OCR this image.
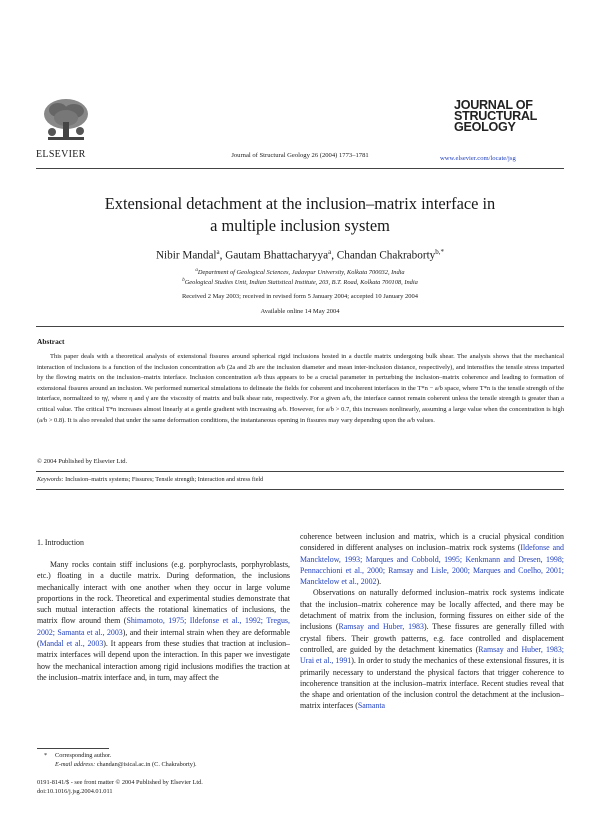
ELSEVIER	Journal of Structural Geology 26 (2004) 1773–1781
JOURNAL OF
STRUCTURAL
GEOLOGY
www.elsevier.com/locate/jsg
Extensional detachment at the inclusion–matrix interface in
a multiple inclusion system
Nibir Mandal$^a$, Gautam Bhattacharyya$^a$, Chandan Chakraborty$^{b,*}$
$^a$Department of Geological Sciences, Jadavpur University, Kolkata 700032, India
$^b$Geological Studies Unit, Indian Statistical Institute, 203, B.T. Road, Kolkata 700108, India
Received 2 May 2003; received in revised form 5 January 2004; accepted 10 January 2004
Available online 14 May 2004
Abstract

This paper deals with a theoretical analysis of extensional fissures around spherical rigid inclusions hosted in a ductile matrix undergoing bulk shear. The analysis shows that the mechanical interaction of inclusions is a function of the inclusion concentration a/b (2a and 2b are the inclusion diameter and mean inter-inclusion distance, respectively), and intensifies the tensile stress imparted by the flowing matrix on the inclusion–matrix interface. Inclusion concentration a/b thus appears to be a crucial parameter in perturbing the inclusion–matrix coherence and leading to formation of extensional fissures around an inclusion. We performed numerical simulations to delineate the fields for coherent and incoherent interfaces in the T*n − a/b space, where T*n is the tensile strength of the interface, normalized to ηγ̇, where η and γ̇ are the viscosity of matrix and bulk shear rate, respectively. For a given a/b, the interface cannot remain coherent unless the tensile strength is greater than a critical value. The critical T*n increases almost linearly at a gentle gradient with increasing a/b. However, for a/b > 0.7, this increases nonlinearly, assuming a large value when the concentration is high (a/b > 0.8). It is also revealed that under the same deformation conditions, the instantaneous opening in fissures may vary depending upon the a/b values.

© 2004 Published by Elsevier Ltd.
Keywords: Inclusion–matrix systems; Fissures; Tensile strength; Interaction and stress field
1. Introduction

Many rocks contain stiff inclusions (e.g. porphyroclasts, porphyroblasts, etc.) floating in a ductile matrix. During deformation, the inclusions mechanically interact with one another when they occur in large volume proportions in the rock. Theoretical and experimental studies demonstrate that such mutual interaction affects the rotational kinematics of inclusions, the matrix flow around them (Shimamoto, 1975; Ildefonse et al., 1992; Tregus, 2002; Samanta et al., 2003), and their internal strain when they are deformable (Mandal et al., 2003). It appears from these studies that traction at inclusion–matrix interfaces will depend upon the interaction. In this paper we investigate how the mechanical interaction among rigid inclusions modifies the traction at the inclusion–matrix interface and, in turn, may affect the

coherence between inclusion and matrix, which is a crucial physical condition considered in different analyses on inclusion–matrix rock systems (Ildefonse and Mancktelow, 1993; Marques and Cobbold, 1995; Kenkmann and Dresen, 1998; Pennacchioni et al., 2000; Ramsay and Lisle, 2000; Marques and Coelho, 2001; Mancktelow et al., 2002).

Observations on naturally deformed inclusion–matrix rock systems indicate that the inclusion–matrix coherence may be locally affected, and there may be detachment of matrix from the inclusion, forming fissures on either side of the inclusions (Ramsay and Huber, 1983). These fissures are generally filled with crystal fibers. Their growth patterns, e.g. face controlled and displacement controlled, are guided by the detachment kinematics (Ramsay and Huber, 1983; Urai et al., 1991). In order to study the mechanics of these extensional fissures, it is primarily necessary to understand the physical factors that trigger coherence to incoherence transition at the inclusion–matrix interface. Recent studies reveal that the shape and orientation of the inclusion control the detachment at the inclusion–matrix interfaces (Samanta

* Corresponding author.
E-mail address: chandan@isical.ac.in (C. Chakraborty).
0191-8141/$ - see front matter © 2004 Published by Elsevier Ltd.
doi:10.1016/j.jsg.2004.01.011
